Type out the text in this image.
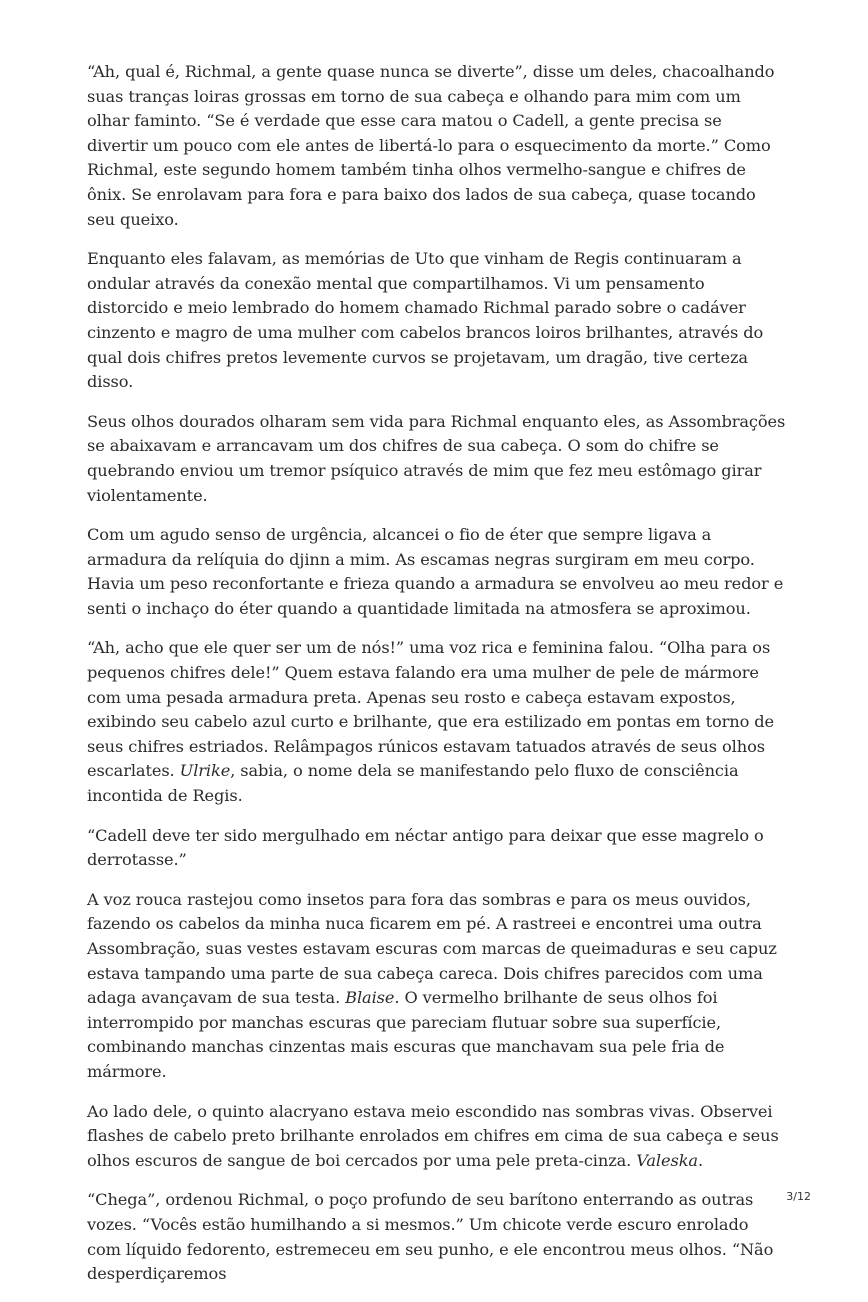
“Ah, qual é, Richmal, a gente quase nunca se diverte”, disse um deles, chacoalhando suas tranças loiras grossas em torno de sua cabeça e olhando para mim com um olhar faminto. “Se é verdade que esse cara matou o Cadell, a gente precisa se divertir um pouco com ele antes de libertá-lo para o esquecimento da morte.” Como Richmal, este segundo homem também tinha olhos vermelho-sangue e chifres de ônix. Se enrolavam para fora e para baixo dos lados de sua cabeça, quase tocando seu queixo.

Enquanto eles falavam, as memórias de Uto que vinham de Regis continuaram a ondular através da conexão mental que compartilhamos. Vi um pensamento distorcido e meio lembrado do homem chamado Richmal parado sobre o cadáver cinzento e magro de uma mulher com cabelos brancos loiros brilhantes, através do qual dois chifres pretos levemente curvos se projetavam, um dragão, tive certeza disso.

Seus olhos dourados olharam sem vida para Richmal enquanto eles, as Assombrações se abaixavam e arrancavam um dos chifres de sua cabeça. O som do chifre se quebrando enviou um tremor psíquico através de mim que fez meu estômago girar violentamente.

Com um agudo senso de urgência, alcancei o fio de éter que sempre ligava a armadura da relíquia do djinn a mim. As escamas negras surgiram em meu corpo. Havia um peso reconfortante e frieza quando a armadura se envolveu ao meu redor e senti o inchaço do éter quando a quantidade limitada na atmosfera se aproximou.

“Ah, acho que ele quer ser um de nós!” uma voz rica e feminina falou. “Olha para os pequenos chifres dele!” Quem estava falando era uma mulher de pele de mármore com uma pesada armadura preta. Apenas seu rosto e cabeça estavam expostos, exibindo seu cabelo azul curto e brilhante, que era estilizado em pontas em torno de seus chifres estriados. Relâmpagos rúnicos estavam tatuados através de seus olhos escarlates. Ulrike, sabia, o nome dela se manifestando pelo fluxo de consciência incontida de Regis.

“Cadell deve ter sido mergulhado em néctar antigo para deixar que esse magrelo o derrotasse.”

A voz rouca rastejou como insetos para fora das sombras e para os meus ouvidos, fazendo os cabelos da minha nuca ficarem em pé. A rastreei e encontrei uma outra Assombração, suas vestes estavam escuras com marcas de queimaduras e seu capuz estava tampando uma parte de sua cabeça careca. Dois chifres parecidos com uma adaga avançavam de sua testa. Blaise. O vermelho brilhante de seus olhos foi interrompido por manchas escuras que pareciam flutuar sobre sua superfície, combinando manchas cinzentas mais escuras que manchavam sua pele fria de mármore.

Ao lado dele, o quinto alacryano estava meio escondido nas sombras vivas. Observei flashes de cabelo preto brilhante enrolados em chifres em cima de sua cabeça e seus olhos escuros de sangue de boi cercados por uma pele preta-cinza. Valeska.

“Chega”, ordenou Richmal, o poço profundo de seu barítono enterrando as outras vozes. “Vocês estão humilhando a si mesmos.” Um chicote verde escuro enrolado com líquido fedorento, estremeceu em seu punho, e ele encontrou meus olhos. “Não desperdiçaremos

3/12
